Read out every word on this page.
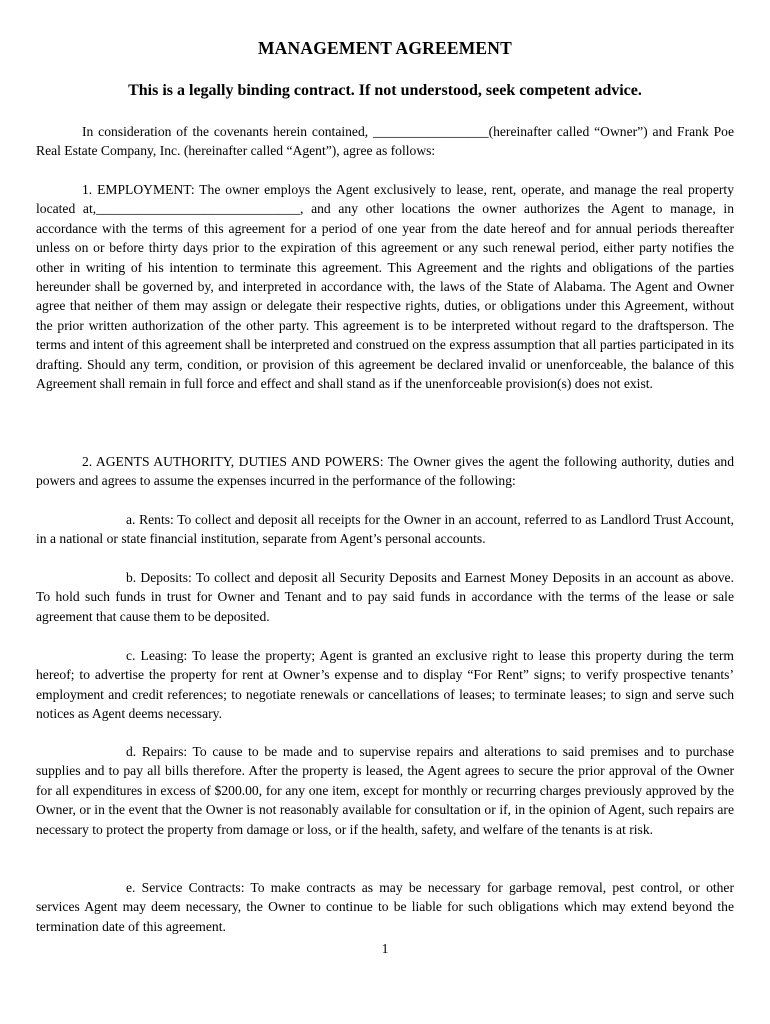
MANAGEMENT AGREEMENT
This is a legally binding contract. If not understood, seek competent advice.
In consideration of the covenants herein contained, _________________(hereinafter called “Owner”) and Frank Poe Real Estate Company, Inc. (hereinafter called “Agent”), agree as follows:
1. EMPLOYMENT: The owner employs the Agent exclusively to lease, rent, operate, and manage the real property located at,______________________________, and any other locations the owner authorizes the Agent to manage, in accordance with the terms of this agreement for a period of one year from the date hereof and for annual periods thereafter unless on or before thirty days prior to the expiration of this agreement or any such renewal period, either party notifies the other in writing of his intention to terminate this agreement. This Agreement and the rights and obligations of the parties hereunder shall be governed by, and interpreted in accordance with, the laws of the State of Alabama. The Agent and Owner agree that neither of them may assign or delegate their respective rights, duties, or obligations under this Agreement, without the prior written authorization of the other party. This agreement is to be interpreted without regard to the draftsperson. The terms and intent of this agreement shall be interpreted and construed on the express assumption that all parties participated in its drafting. Should any term, condition, or provision of this agreement be declared invalid or unenforceable, the balance of this Agreement shall remain in full force and effect and shall stand as if the unenforceable provision(s) does not exist.
2. AGENTS AUTHORITY, DUTIES AND POWERS: The Owner gives the agent the following authority, duties and powers and agrees to assume the expenses incurred in the performance of the following:
a. Rents: To collect and deposit all receipts for the Owner in an account, referred to as Landlord Trust Account, in a national or state financial institution, separate from Agent’s personal accounts.
b. Deposits: To collect and deposit all Security Deposits and Earnest Money Deposits in an account as above. To hold such funds in trust for Owner and Tenant and to pay said funds in accordance with the terms of the lease or sale agreement that cause them to be deposited.
c. Leasing: To lease the property; Agent is granted an exclusive right to lease this property during the term hereof; to advertise the property for rent at Owner’s expense and to display “For Rent” signs; to verify prospective tenants’ employment and credit references; to negotiate renewals or cancellations of leases; to terminate leases; to sign and serve such notices as Agent deems necessary.
d. Repairs: To cause to be made and to supervise repairs and alterations to said premises and to purchase supplies and to pay all bills therefore. After the property is leased, the Agent agrees to secure the prior approval of the Owner for all expenditures in excess of $200.00, for any one item, except for monthly or recurring charges previously approved by the Owner, or in the event that the Owner is not reasonably available for consultation or if, in the opinion of Agent, such repairs are necessary to protect the property from damage or loss, or if the health, safety, and welfare of the tenants is at risk.
e. Service Contracts: To make contracts as may be necessary for garbage removal, pest control, or other services Agent may deem necessary, the Owner to continue to be liable for such obligations which may extend beyond the termination date of this agreement.
1
